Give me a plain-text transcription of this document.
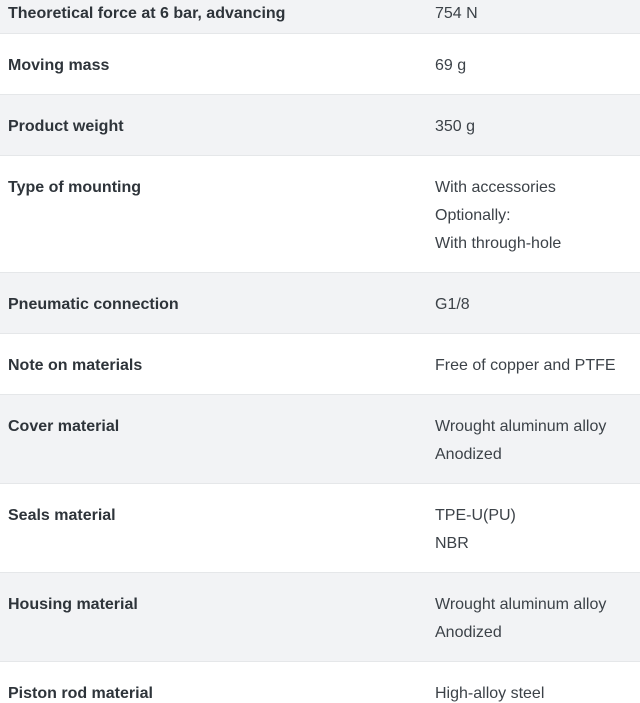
Theoretical force at 6 bar, advancing	754 N
Moving mass	69 g
Product weight	350 g
Type of mounting	With accessories
Optionally:
With through-hole
Pneumatic connection	G1/8
Note on materials	Free of copper and PTFE
Cover material	Wrought aluminum alloy
Anodized
Seals material	TPE-U(PU)
NBR
Housing material	Wrought aluminum alloy
Anodized
Piston rod material	High-alloy steel
